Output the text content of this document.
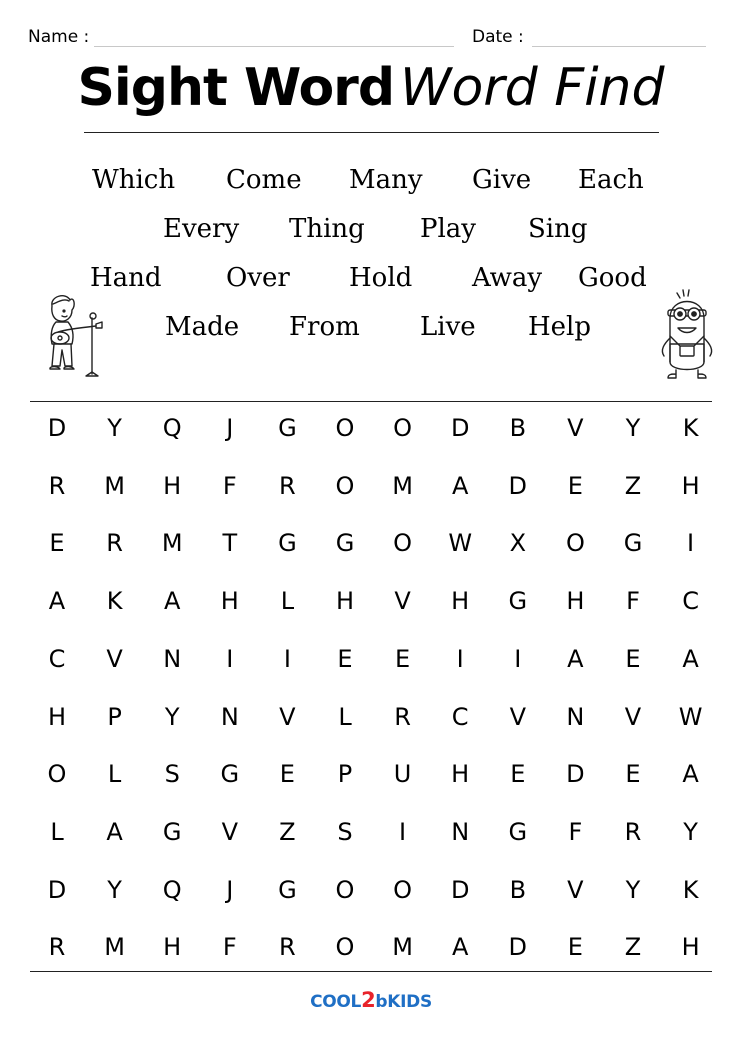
Name :	Date :
Sight Word Word Find
Which Come Many Give Each
Every Thing Play Sing
Hand Over Hold Away Good
Made From Live Help
D	Y	Q	J	G	O	O	D	B	V	Y	K
R	M	H	F	R	O	M	A	D	E	Z	H
E	R	M	T	G	G	O	W	X	O	G	I
A	K	A	H	L	H	V	H	G	H	F	C
C	V	N	I	I	E	E	I	I	A	E	A
H	P	Y	N	V	L	R	C	V	N	V	W
O	L	S	G	E	P	U	H	E	D	E	A
L	A	G	V	Z	S	I	N	G	F	R	Y
D	Y	Q	J	G	O	O	D	B	V	Y	K
R	M	H	F	R	O	M	A	D	E	Z	H
COOL2bKIDS
